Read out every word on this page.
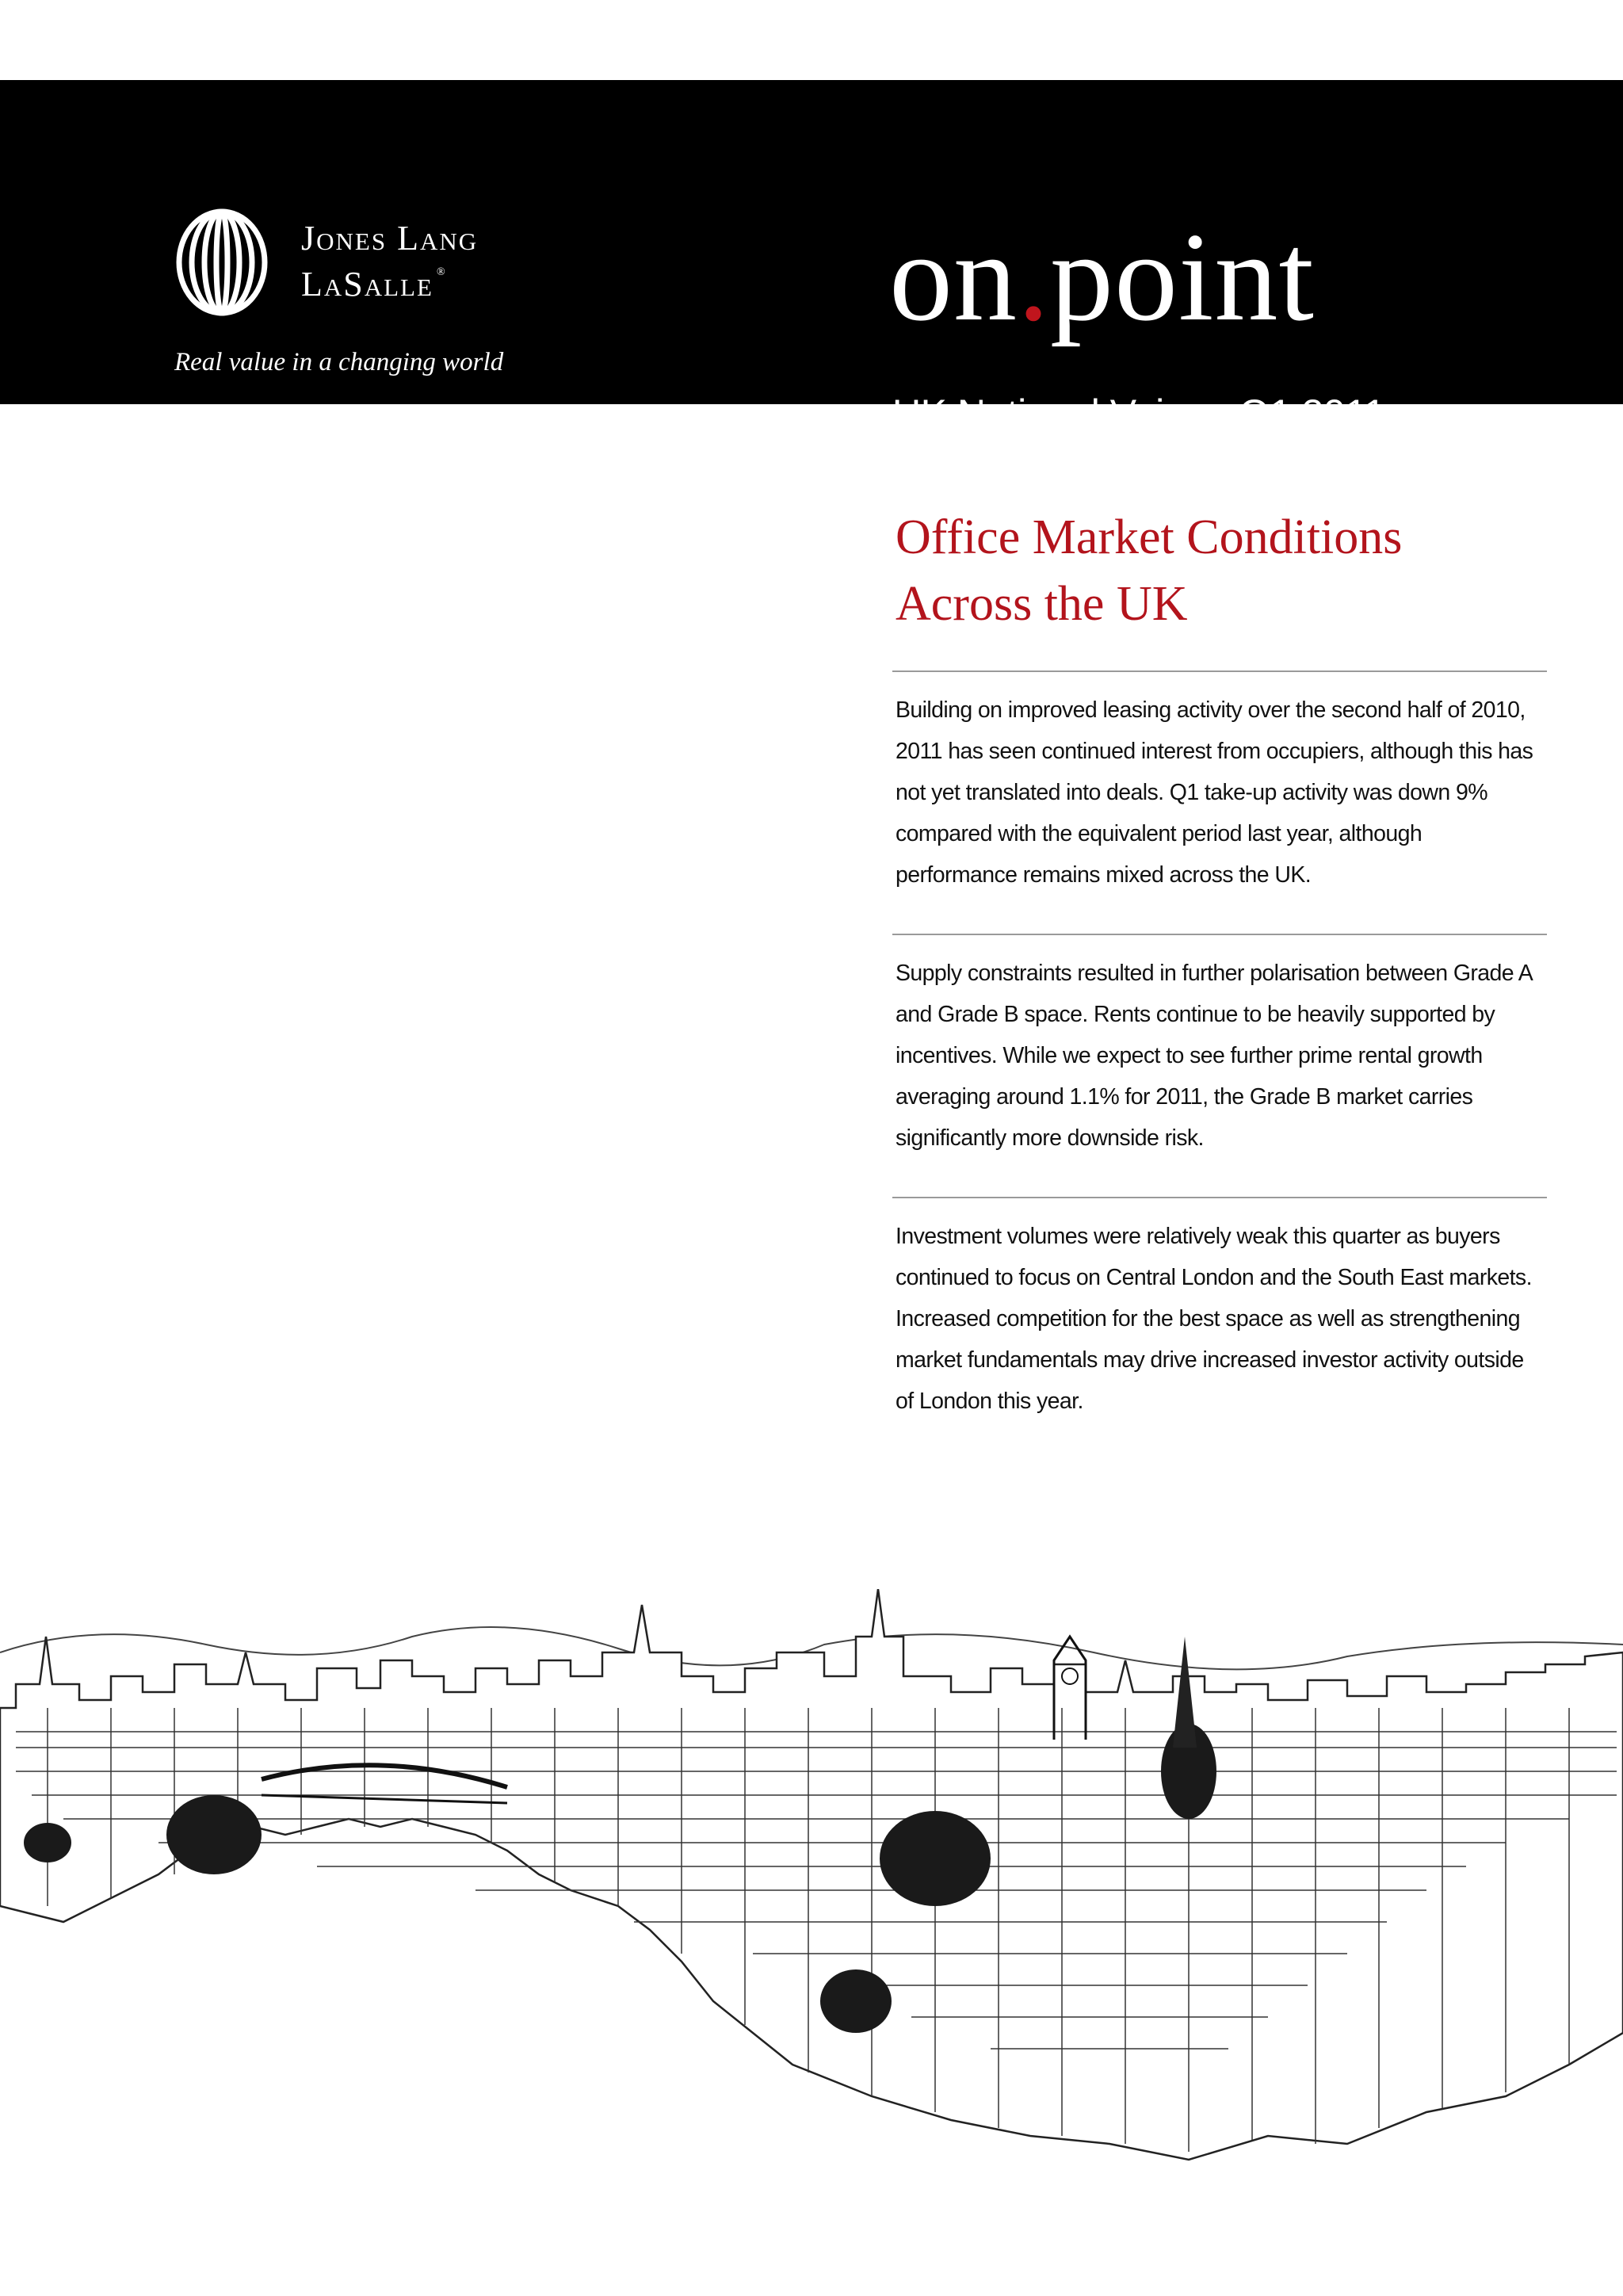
Jones Lang
LaSalle ®
Real value in a changing world
on.point
UK National Voice - Q1 2011
Office Market Conditions
Across the UK

Building on improved leasing activity over the second half of 2010, 2011 has seen continued interest from occupiers, although this has not yet translated into deals. Q1 take-up activity was down 9% compared with the equivalent period last year, although performance remains mixed across the UK.

Supply constraints resulted in further polarisation between Grade A and Grade B space. Rents continue to be heavily supported by incentives. While we expect to see further prime rental growth averaging around 1.1% for 2011, the Grade B market carries significantly more downside risk.

Investment volumes were relatively weak this quarter as buyers continued to focus on Central London and the South East markets. Increased competition for the best space as well as strengthening market fundamentals may drive increased investor activity outside of London this year.
